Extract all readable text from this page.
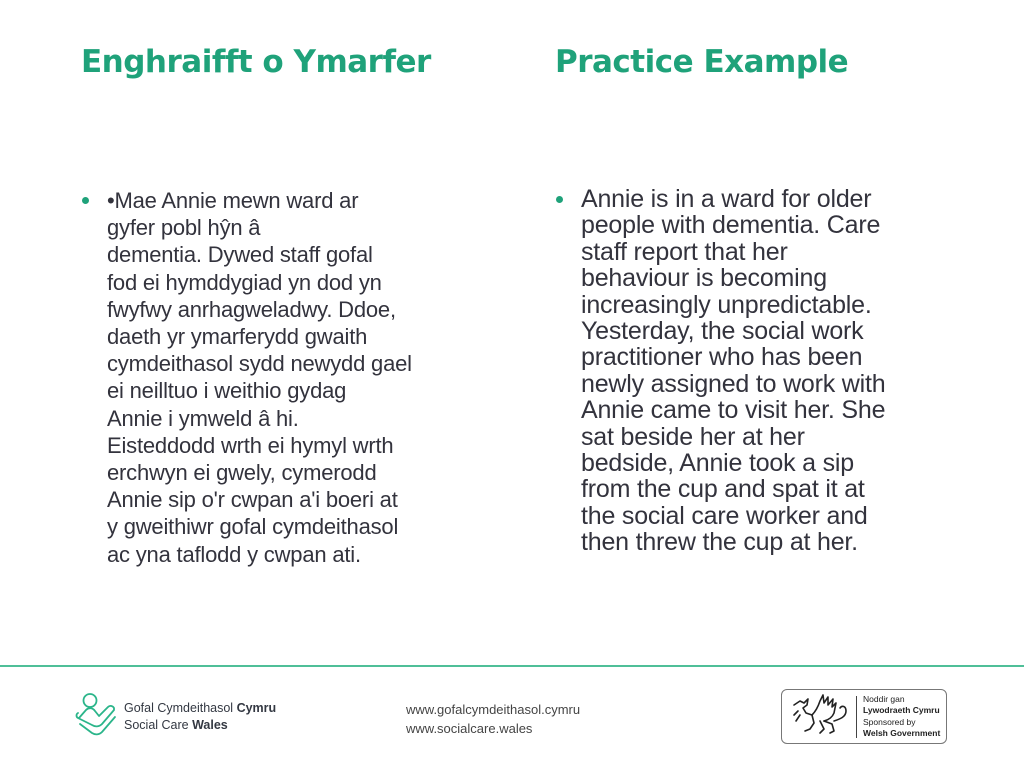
Enghraifft o Ymarfer	Practice Example

•Mae Annie mewn ward ar
gyfer pobl hŷn â
dementia. Dywed staff gofal
fod ei hymddygiad yn dod yn
fwyfwy anrhagweladwy. Ddoe,
daeth yr ymarferydd gwaith
cymdeithasol sydd newydd gael
ei neilltuo i weithio gydag
Annie i ymweld â hi.
Eisteddodd wrth ei hymyl wrth
erchwyn ei gwely, cymerodd
Annie sip o'r cwpan a'i boeri at
y gweithiwr gofal cymdeithasol
ac yna taflodd y cwpan ati.

Annie is in a ward for older
people with dementia. Care
staff report that her
behaviour is becoming
increasingly unpredictable.
Yesterday, the social work
practitioner who has been
newly assigned to work with
Annie came to visit her. She
sat beside her at her
bedside, Annie took a sip
from the cup and spat it at
the social care worker and
then threw the cup at her.

Gofal Cymdeithasol Cymru
Social Care Wales
www.gofalcymdeithasol.cymru
www.socialcare.wales
Noddir gan
Lywodraeth Cymru
Sponsored by
Welsh Government
